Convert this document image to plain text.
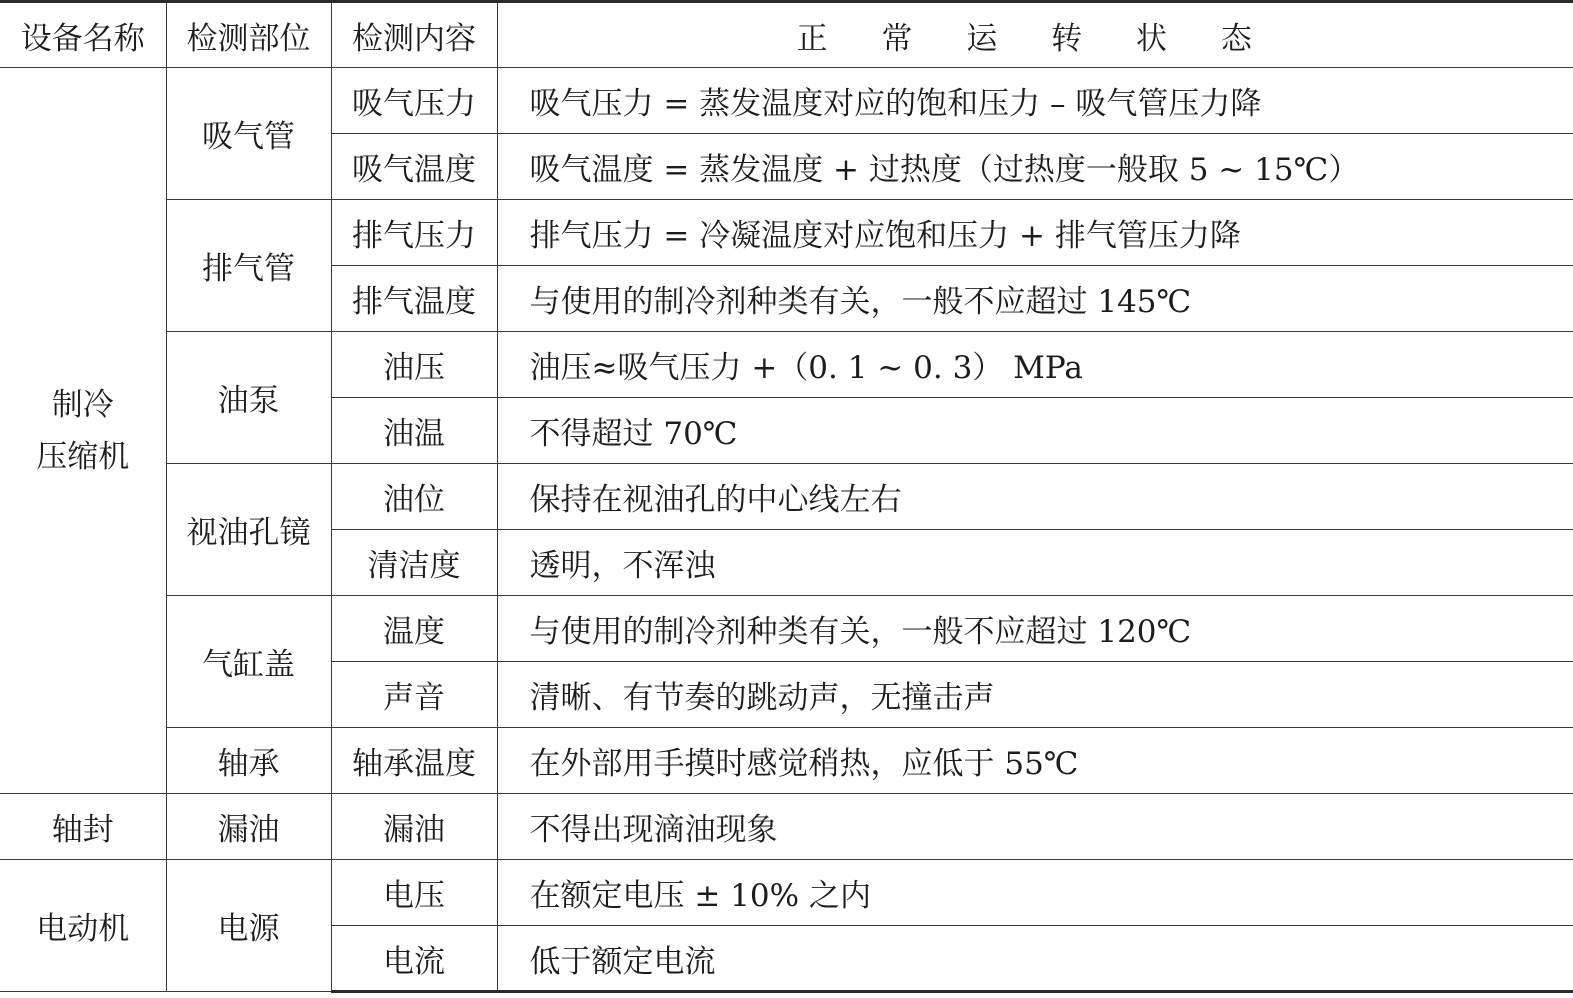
设备名称	检测部位	检测内容	正 常 运 转 状 态
制冷
压缩机	吸气管	吸气压力	吸气压力 = 蒸发温度对应的饱和压力 – 吸气管压力降
		吸气温度	吸气温度 = 蒸发温度 + 过热度（过热度一般取 5 ~ 15℃）
	排气管	排气压力	排气压力 = 冷凝温度对应饱和压力 + 排气管压力降
		排气温度	与使用的制冷剂种类有关，一般不应超过 145℃
	油泵	油压	油压≈吸气压力 +（0. 1 ~ 0. 3） MPa
		油温	不得超过 70℃
	视油孔镜	油位	保持在视油孔的中心线左右
		清洁度	透明，不浑浊
	气缸盖	温度	与使用的制冷剂种类有关，一般不应超过 120℃
		声音	清晰、有节奏的跳动声，无撞击声
	轴承	轴承温度	在外部用手摸时感觉稍热，应低于 55℃
轴封	漏油	漏油	不得出现滴油现象
电动机	电源	电压	在额定电压 ± 10% 之内
		电流	低于额定电流
